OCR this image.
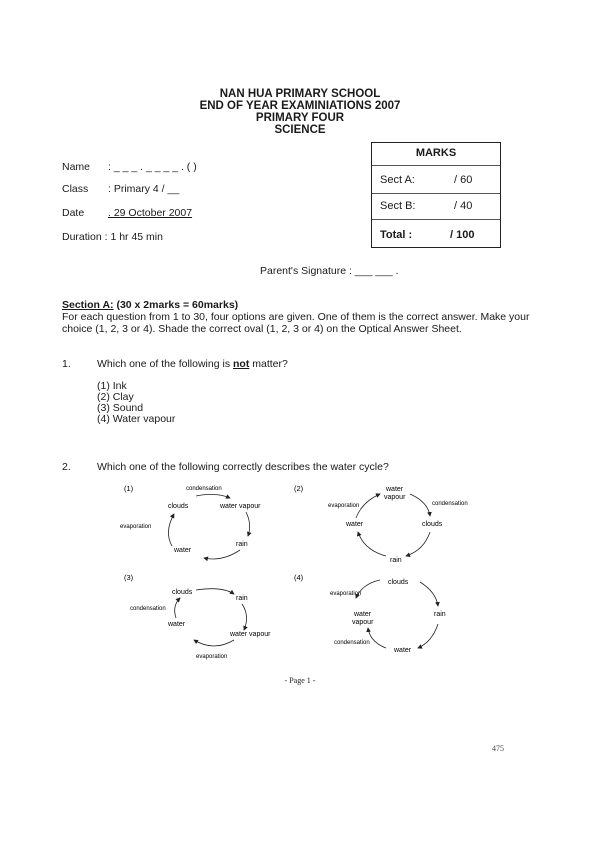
NAN HUA PRIMARY SCHOOL
END OF YEAR EXAMINIATIONS 2007
PRIMARY FOUR
SCIENCE
Name : _ _ _ . _ _ _ _ . ( )
Class : Primary 4 / __
Date . 29 October 2007
Duration : 1 hr 45 min
MARKS
Sect A:	/ 60
Sect B:	/ 40
Total :	/ 100
Parent's Signature : ___ ___ .
Section A: (30 x 2marks = 60marks)
For each question from 1 to 30, four options are given. One of them is the correct answer. Make your choice (1, 2, 3 or 4). Shade the correct oval (1, 2, 3 or 4) on the Optical Answer Sheet.
1. Which one of the following is not matter?
(1) Ink
(2) Clay
(3) Sound
(4) Water vapour
2. Which one of the following correctly describes the water cycle?
(1)	condensation
clouds	water vapour
evaporation
rain
water
(2)	water
vapour
evaporation	condensation
water	clouds
rain
(3)
clouds
rain
condensation
water
water vapour
evaporation
(4)
clouds
evaporation
rain
water
vapour
condensation
water
- Page 1 -
475
